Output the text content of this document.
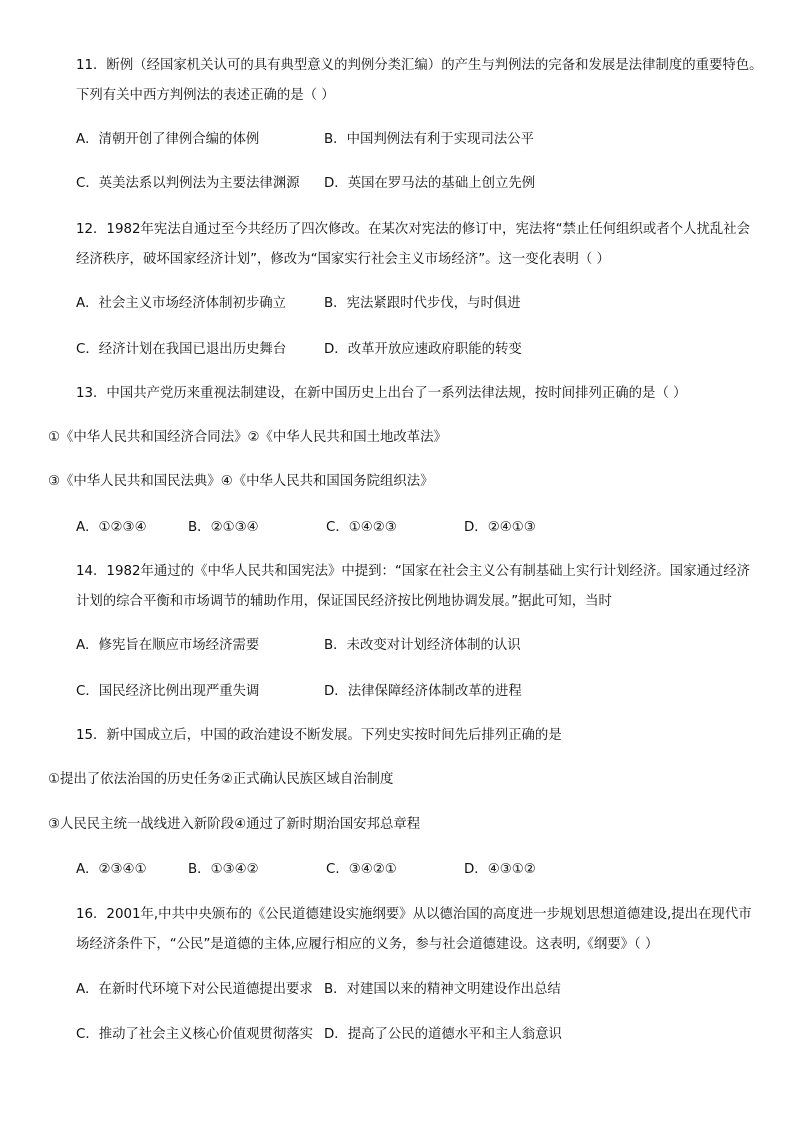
11．断例（经国家机关认可的具有典型意义的判例分类汇编）的产生与判例法的完备和发展是法律制度的重要特色。
下列有关中西方判例法的表述正确的是（ ）
A．清朝开创了律例合编的体例	B．中国判例法有利于实现司法公平
C．英美法系以判例法为主要法律渊源 D．英国在罗马法的基础上创立先例
12．1982年宪法自通过至今共经历了四次修改。在某次对宪法的修订中，宪法将“禁止任何组织或者个人扰乱社会
经济秩序，破坏国家经济计划”，修改为“国家实行社会主义市场经济”。这一变化表明（ ）
A．社会主义市场经济体制初步确立	B．宪法紧跟时代步伐，与时俱进
C．经济计划在我国已退出历史舞台	D．改革开放应速政府职能的转变
13．中国共产党历来重视法制建设，在新中国历史上出台了一系列法律法规，按时间排列正确的是（ ）
①《中华人民共和国经济合同法》②《中华人民共和国土地改革法》
③《中华人民共和国民法典》④《中华人民共和国国务院组织法》
A．①②③④	B．②①③④	C．①④②③	D．②④①③
14．1982年通过的《中华人民共和国宪法》中提到：“国家在社会主义公有制基础上实行计划经济。国家通过经济
计划的综合平衡和市场调节的辅助作用，保证国民经济按比例地协调发展。”据此可知，当时
A．修宪旨在顺应市场经济需要	B．未改变对计划经济体制的认识
C．国民经济比例出现严重失调	D．法律保障经济体制改革的进程
15．新中国成立后，中国的政治建设不断发展。下列史实按时间先后排列正确的是
①提出了依法治国的历史任务②正式确认民族区域自治制度
③人民民主统一战线进入新阶段④通过了新时期治国安邦总章程
A．②③④①	B．①③④②	C．③④②①	D．④③①②
16．2001年,中共中央颁布的《公民道德建设实施纲要》从以德治国的高度进一步规划思想道德建设,提出在现代市
场经济条件下，“公民”是道德的主体,应履行相应的义务，参与社会道德建设。这表明,《纲要》（ ）
A．在新时代环境下对公民道德提出要求 B．对建国以来的精神文明建设作出总结
C．推动了社会主义核心价值观贯彻落实 D．提高了公民的道德水平和主人翁意识
